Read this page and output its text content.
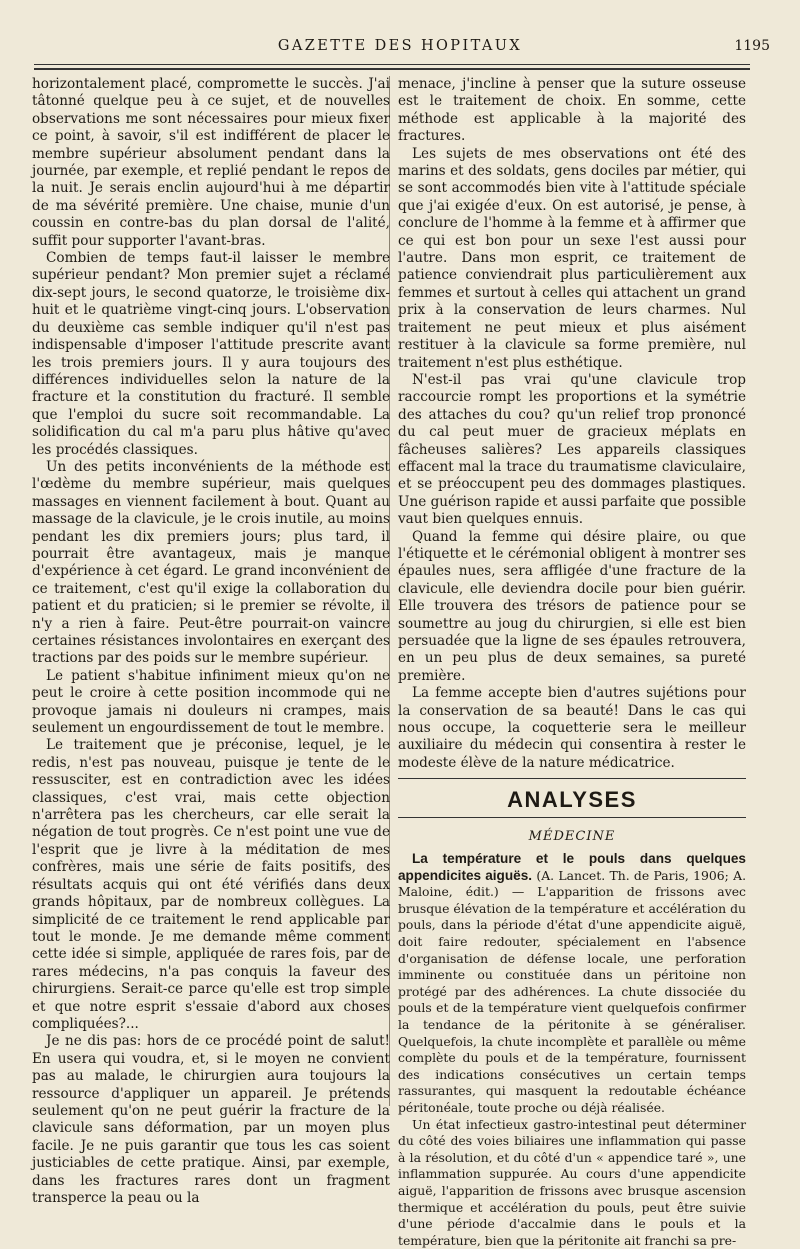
GAZETTE DES HOPITAUX	1195

horizontalement placé, compromette le succès. J'ai tâtonné quelque peu à ce sujet, et de nouvelles observations me sont nécessaires pour mieux fixer ce point, à savoir, s'il est indifférent de placer le membre supérieur absolument pendant dans la journée, par exemple, et replié pendant le repos de la nuit. Je serais enclin aujourd'hui à me départir de ma sévérité première. Une chaise, munie d'un coussin en contre-bas du plan dorsal de l'alité, suffit pour supporter l'avant-bras.

Combien de temps faut-il laisser le membre supérieur pendant? Mon premier sujet a réclamé dix-sept jours, le second quatorze, le troisième dix-huit et le quatrième vingt-cinq jours. L'observation du deuxième cas semble indiquer qu'il n'est pas indispensable d'imposer l'attitude prescrite avant les trois premiers jours. Il y aura toujours des différences individuelles selon la nature de la fracture et la constitution du fracturé. Il semble que l'emploi du sucre soit recommandable. La solidification du cal m'a paru plus hâtive qu'avec les procédés classiques.

Un des petits inconvénients de la méthode est l'œdème du membre supérieur, mais quelques massages en viennent facilement à bout. Quant au massage de la clavicule, je le crois inutile, au moins pendant les dix premiers jours; plus tard, il pourrait être avantageux, mais je manque d'expérience à cet égard. Le grand inconvénient de ce traitement, c'est qu'il exige la collaboration du patient et du praticien; si le premier se révolte, il n'y a rien à faire. Peut-être pourrait-on vaincre certaines résistances involontaires en exerçant des tractions par des poids sur le membre supérieur.

Le patient s'habitue infiniment mieux qu'on ne peut le croire à cette position incommode qui ne provoque jamais ni douleurs ni crampes, mais seulement un engourdissement de tout le membre.

Le traitement que je préconise, lequel, je le redis, n'est pas nouveau, puisque je tente de le ressusciter, est en contradiction avec les idées classiques, c'est vrai, mais cette objection n'arrêtera pas les chercheurs, car elle serait la négation de tout progrès. Ce n'est point une vue de l'esprit que je livre à la méditation de mes confrères, mais une série de faits positifs, des résultats acquis qui ont été vérifiés dans deux grands hôpitaux, par de nombreux collègues. La simplicité de ce traitement le rend applicable par tout le monde. Je me demande même comment cette idée si simple, appliquée de rares fois, par de rares médecins, n'a pas conquis la faveur des chirurgiens. Serait-ce parce qu'elle est trop simple et que notre esprit s'essaie d'abord aux choses compliquées?...

Je ne dis pas: hors de ce procédé point de salut! En usera qui voudra, et, si le moyen ne convient pas au malade, le chirurgien aura toujours la ressource d'appliquer un appareil. Je prétends seulement qu'on ne peut guérir la fracture de la clavicule sans déformation, par un moyen plus facile. Je ne puis garantir que tous les cas soient justiciables de cette pratique. Ainsi, par exemple, dans les fractures rares dont un fragment transperce la peau ou la

menace, j'incline à penser que la suture osseuse est le traitement de choix. En somme, cette méthode est applicable à la majorité des fractures.

Les sujets de mes observations ont été des marins et des soldats, gens dociles par métier, qui se sont accommodés bien vite à l'attitude spéciale que j'ai exigée d'eux. On est autorisé, je pense, à conclure de l'homme à la femme et à affirmer que ce qui est bon pour un sexe l'est aussi pour l'autre. Dans mon esprit, ce traitement de patience conviendrait plus particulièrement aux femmes et surtout à celles qui attachent un grand prix à la conservation de leurs charmes. Nul traitement ne peut mieux et plus aisément restituer à la clavicule sa forme première, nul traitement n'est plus esthétique.

N'est-il pas vrai qu'une clavicule trop raccourcie rompt les proportions et la symétrie des attaches du cou? qu'un relief trop prononcé du cal peut muer de gracieux méplats en fâcheuses salières? Les appareils classiques effacent mal la trace du traumatisme claviculaire, et se préoccupent peu des dommages plastiques. Une guérison rapide et aussi parfaite que possible vaut bien quelques ennuis.

Quand la femme qui désire plaire, ou que l'étiquette et le cérémonial obligent à montrer ses épaules nues, sera affligée d'une fracture de la clavicule, elle deviendra docile pour bien guérir. Elle trouvera des trésors de patience pour se soumettre au joug du chirurgien, si elle est bien persuadée que la ligne de ses épaules retrouvera, en un peu plus de deux semaines, sa pureté première.

La femme accepte bien d'autres sujétions pour la conservation de sa beauté! Dans le cas qui nous occupe, la coquetterie sera le meilleur auxiliaire du médecin qui consentira à rester le modeste élève de la nature médicatrice.

ANALYSES
MÉDECINE

La température et le pouls dans quelques appendicites aiguës. (A. Lancet. Th. de Paris, 1906; A. Maloine, édit.) — L'apparition de frissons avec brusque élévation de la température et accélération du pouls, dans la période d'état d'une appendicite aiguë, doit faire redouter, spécialement en l'absence d'organisation de défense locale, une perforation imminente ou constituée dans un péritoine non protégé par des adhérences. La chute dissociée du pouls et de la température vient quelquefois confirmer la tendance de la péritonite à se généraliser. Quelquefois, la chute incomplète et parallèle ou même complète du pouls et de la température, fournissent des indications consécutives un certain temps rassurantes, qui masquent la redoutable échéance péritonéale, toute proche ou déjà réalisée.

Un état infectieux gastro-intestinal peut déterminer du côté des voies biliaires une inflammation qui passe à la résolution, et du côté d'un « appendice taré », une inflammation suppurée. Au cours d'une appendicite aiguë, l'apparition de frissons avec brusque ascension thermique et accélération du pouls, peut être suivie d'une période d'accalmie dans le pouls et la température, bien que la péritonite ait franchi sa pre-
